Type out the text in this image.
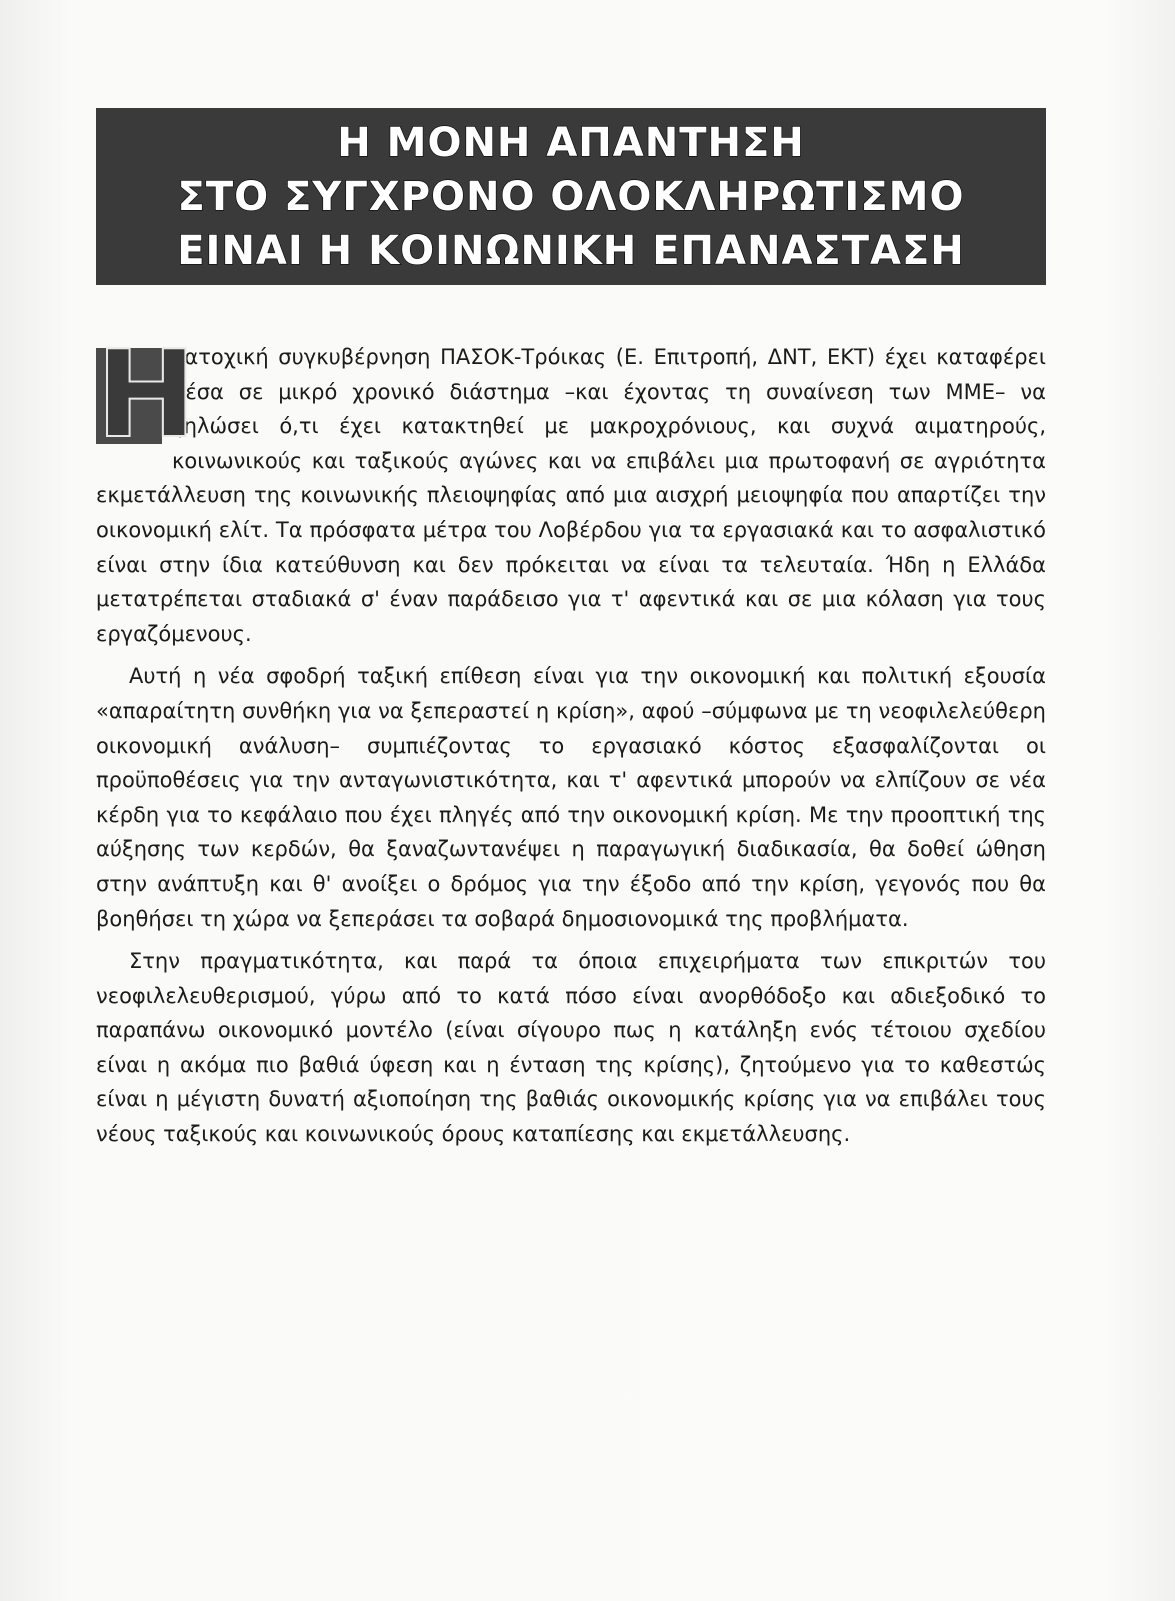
Η ΜΟΝΗ ΑΠΑΝΤΗΣΗ
ΣΤΟ ΣΥΓΧΡΟΝΟ ΟΛΟΚΛΗΡΩΤΙΣΜΟ
ΕΙΝΑΙ Η ΚΟΙΝΩΝΙΚΗ ΕΠΑΝΑΣΤΑΣΗ

Η
κατοχική συγκυβέρνηση ΠΑΣΟΚ-Τρόικας (Ε. Επιτροπή, ΔΝΤ, ΕΚΤ) έχει καταφέρει μέσα σε μικρό χρονικό διάστημα –και έχοντας τη συναίνεση των ΜΜΕ– να ξηλώσει ό,τι έχει κατακτηθεί με μακροχρόνιους, και συχνά αιματηρούς, κοινωνικούς και ταξικούς αγώνες και να επιβάλει μια πρωτοφανή σε αγριότητα εκμετάλλευση της κοινωνικής πλειοψηφίας από μια αισχρή μειοψηφία που απαρτίζει την οικονομική ελίτ. Τα πρόσφατα μέτρα του Λοβέρδου για τα εργασιακά και το ασφαλιστικό είναι στην ίδια κατεύθυνση και δεν πρόκειται να είναι τα τελευταία. Ήδη η Ελλάδα μετατρέπεται σταδιακά σ' έναν παράδεισο για τ' αφεντικά και σε μια κόλαση για τους εργαζόμενους.

Αυτή η νέα σφοδρή ταξική επίθεση είναι για την οικονομική και πολιτική εξουσία «απαραίτητη συνθήκη για να ξεπεραστεί η κρίση», αφού –σύμφωνα με τη νεοφιλελεύθερη οικονομική ανάλυση– συμπιέζοντας το εργασιακό κόστος εξασφαλίζονται οι προϋποθέσεις για την ανταγωνιστικότητα, και τ' αφεντικά μπορούν να ελπίζουν σε νέα κέρδη για το κεφάλαιο που έχει πληγές από την οικονομική κρίση. Με την προοπτική της αύξησης των κερδών, θα ξαναζωντανέψει η παραγωγική διαδικασία, θα δοθεί ώθηση στην ανάπτυξη και θ' ανοίξει ο δρόμος για την έξοδο από την κρίση, γεγονός που θα βοηθήσει τη χώρα να ξεπεράσει τα σοβαρά δημοσιονομικά της προβλήματα.

Στην πραγματικότητα, και παρά τα όποια επιχειρήματα των επικριτών του νεοφιλελευθερισμού, γύρω από το κατά πόσο είναι ανορθόδοξο και αδιεξοδικό το παραπάνω οικονομικό μοντέλο (είναι σίγουρο πως η κατάληξη ενός τέτοιου σχεδίου είναι η ακόμα πιο βαθιά ύφεση και η ένταση της κρίσης), ζητούμενο για το καθεστώς είναι η μέγιστη δυνατή αξιοποίηση της βαθιάς οικονομικής κρίσης για να επιβάλει τους νέους ταξικούς και κοινωνικούς όρους καταπίεσης και εκμετάλλευσης.
